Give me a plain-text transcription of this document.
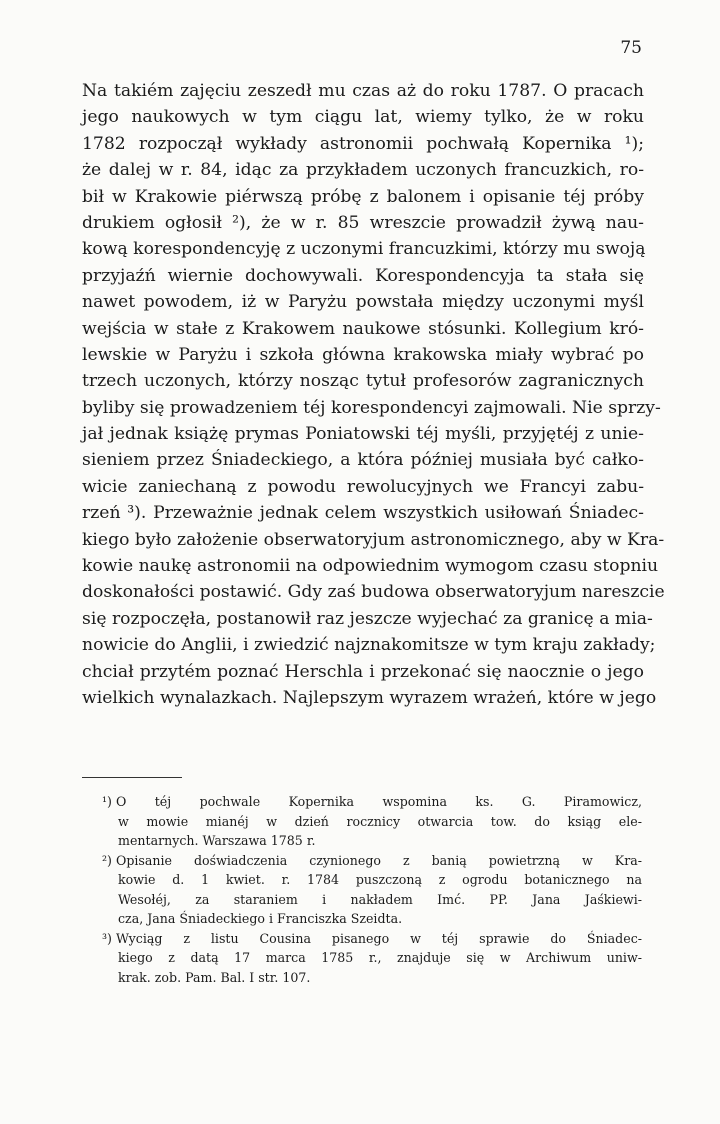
75
Na takiém zajęciu zeszedł mu czas aż do roku 1787. O pracach
jego naukowych w tym ciągu lat, wiemy tylko, że w roku
1782 rozpoczął wykłady astronomii pochwałą Kopernika ¹);
że dalej w r. 84, idąc za przykładem uczonych francuzkich, ro-
bił w Krakowie piérwszą próbę z balonem i opisanie téj próby
drukiem ogłosił ²), że w r. 85 wreszcie prowadził żywą nau-
kową korespondencyję z uczonymi francuzkimi, którzy mu swoją
przyjaźń wiernie dochowywali. Korespondencyja ta stała się
nawet powodem, iż w Paryżu powstała między uczonymi myśl
wejścia w stałe z Krakowem naukowe stósunki. Kollegium kró-
lewskie w Paryżu i szkoła główna krakowska miały wybrać po
trzech uczonych, którzy nosząc tytuł profesorów zagranicznych
byliby się prowadzeniem téj korespondencyi zajmowali. Nie sprzy-
jał jednak książę prymas Poniatowski téj myśli, przyjętéj z unie-
sieniem przez Śniadeckiego, a która później musiała być całko-
wicie zaniechaną z powodu rewolucyjnych we Francyi zabu-
rzeń ³). Przeważnie jednak celem wszystkich usiłowań Śniadec-
kiego było założenie obserwatoryjum astronomicznego, aby w Kra-
kowie naukę astronomii na odpowiednim wymogom czasu stopniu
doskonałości postawić. Gdy zaś budowa obserwatoryjum nareszcie
się rozpoczęła, postanowił raz jeszcze wyjechać za granicę a mia-
nowicie do Anglii, i zwiedzić najznakomitsze w tym kraju zakłady;
chciał przytém poznać Herschla i przekonać się naocznie o jego
wielkich wynalazkach. Najlepszym wyrazem wrażeń, które w jego
¹) O téj pochwale Kopernika wspomina ks. G. Piramowicz,
w mowie mianéj w dzień rocznicy otwarcia tow. do ksiąg ele-
mentarnych. Warszawa 1785 r.
²) Opisanie doświadczenia czynionego z banią powietrzną w Kra-
kowie d. 1 kwiet. r. 1784 puszczoną z ogrodu botanicznego na
Wesołéj, za staraniem i nakładem Imć. PP. Jana Jaśkiewi-
cza, Jana Śniadeckiego i Franciszka Szeidta.
³) Wyciąg z listu Cousina pisanego w téj sprawie do Śniadec-
kiego z datą 17 marca 1785 r., znajduje się w Archiwum uniw-
krak. zob. Pam. Bal. I str. 107.
